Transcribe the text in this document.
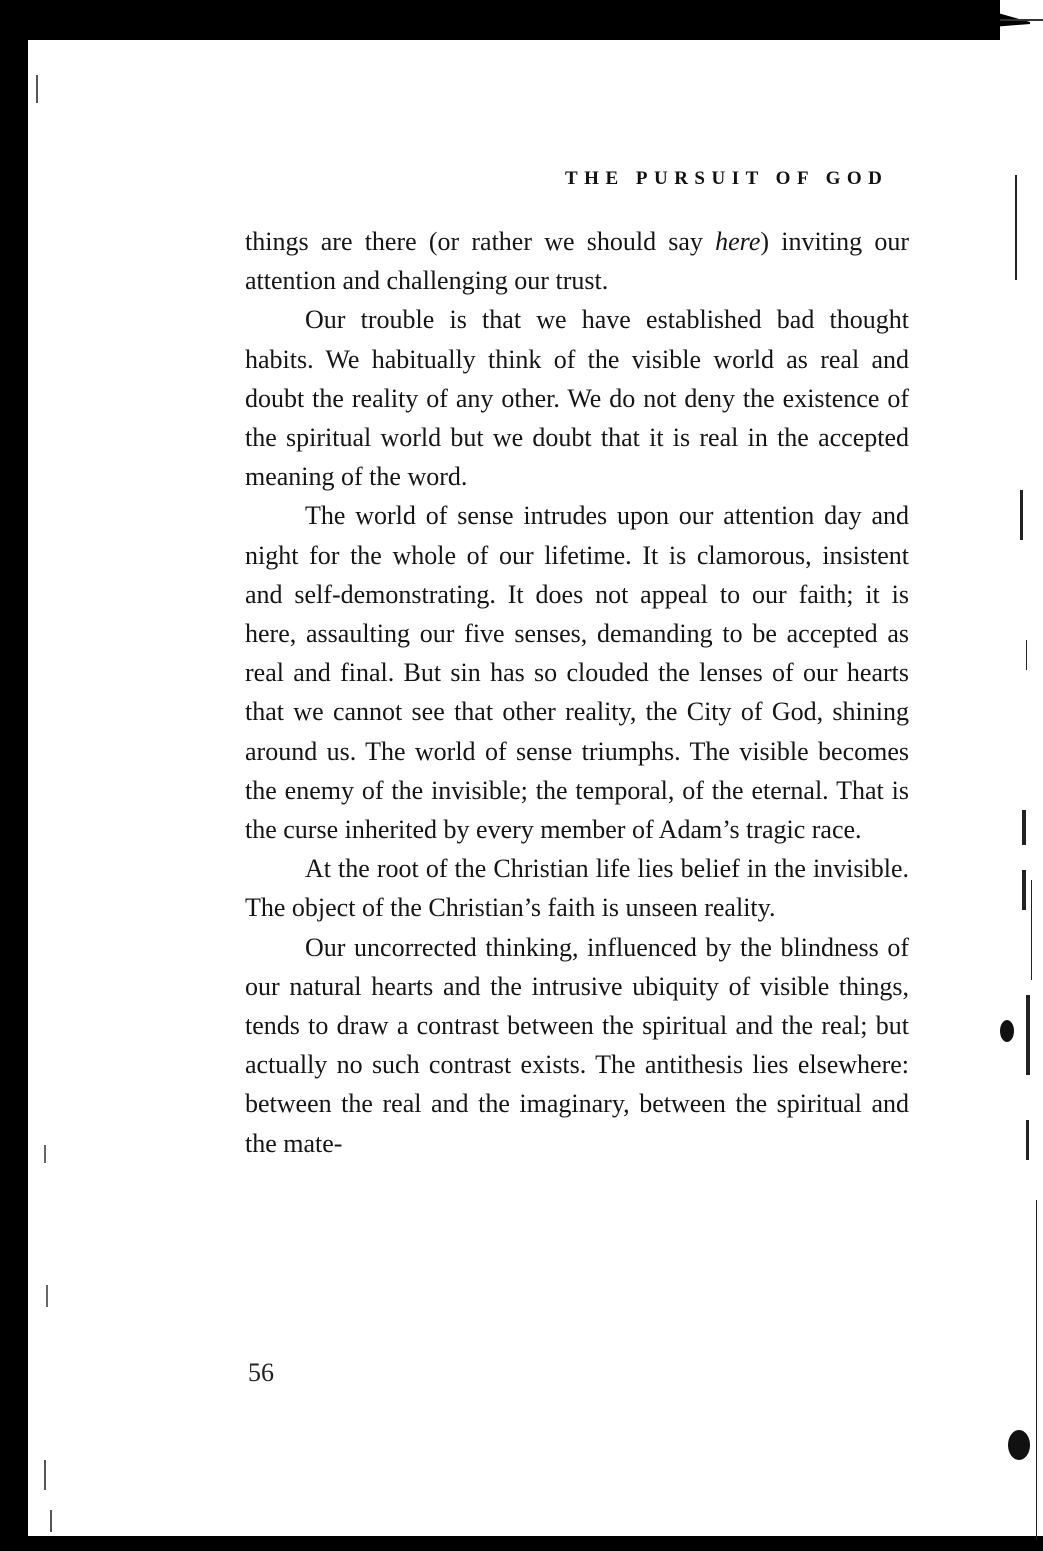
THE PURSUIT OF GOD

things are there (or rather we should say here) inviting our attention and challenging our trust.

Our trouble is that we have established bad thought habits. We habitually think of the visible world as real and doubt the reality of any other. We do not deny the existence of the spiritual world but we doubt that it is real in the accepted meaning of the word.

The world of sense intrudes upon our attention day and night for the whole of our lifetime. It is clamorous, insistent and self-demonstrating. It does not appeal to our faith; it is here, assaulting our five senses, demanding to be accepted as real and final. But sin has so clouded the lenses of our hearts that we cannot see that other reality, the City of God, shining around us. The world of sense triumphs. The visible becomes the enemy of the invisible; the temporal, of the eternal. That is the curse inherited by every member of Adam’s tragic race.

At the root of the Christian life lies belief in the invisible. The object of the Christian’s faith is unseen reality.

Our uncorrected thinking, influenced by the blindness of our natural hearts and the intrusive ubiquity of visible things, tends to draw a contrast between the spiritual and the real; but actually no such contrast exists. The antithesis lies elsewhere: between the real and the imaginary, between the spiritual and the mate-

56
